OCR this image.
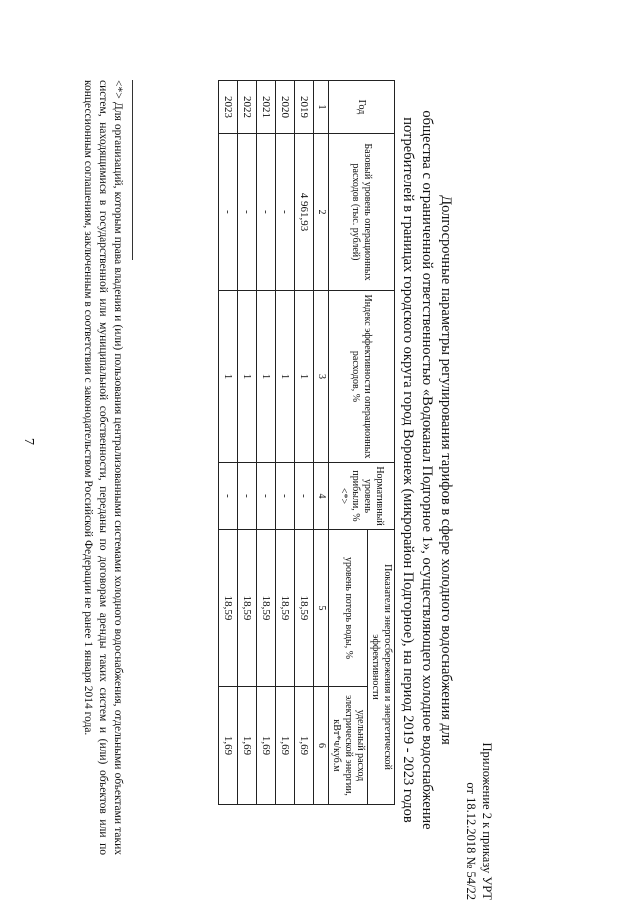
7
Приложение 2 к приказу УРТ
от 18.12.2018 № 54/22
Долгосрочные параметры регулирования тарифов в сфере холодного водоснабжения для
общества с ограниченной ответственностью «Водоканал Подгорное 1», осуществляющего холодное водоснабжение
потребителей в границах городского округа город Воронеж (микрорайон Подгорное), на период 2019 - 2023 годов
Год	Базовый уровень операционных расходов (тыс. рублей)	Индекс эффективности операционных расходов, %	Нормативный уровень прибыли, % <*>	Показатели энергосбережения и энергетической эффективности	
				уровень потерь воды, %	удельный расход электрической энергии, кВт*ч/куб.м
1	2	3	4	5	6
2019	4 961,93	1	-	18,59	1,69
2020	-	1	-	18,59	1,69
2021	-	1	-	18,59	1,69
2022	-	1	-	18,59	1,69
2023	-	1	-	18,59	1,69
<*> Для организаций, которым права владения и (или) пользования централизованными системами холодного водоснабжения, отдельными объектами таких систем, находящимися в государственной или муниципальной собственности, переданы по договорам аренды таких систем и (или) объектов или по концессионным соглашениям, заключенным в соответствии с законодательством Российской Федерации не ранее 1 января 2014 года.
